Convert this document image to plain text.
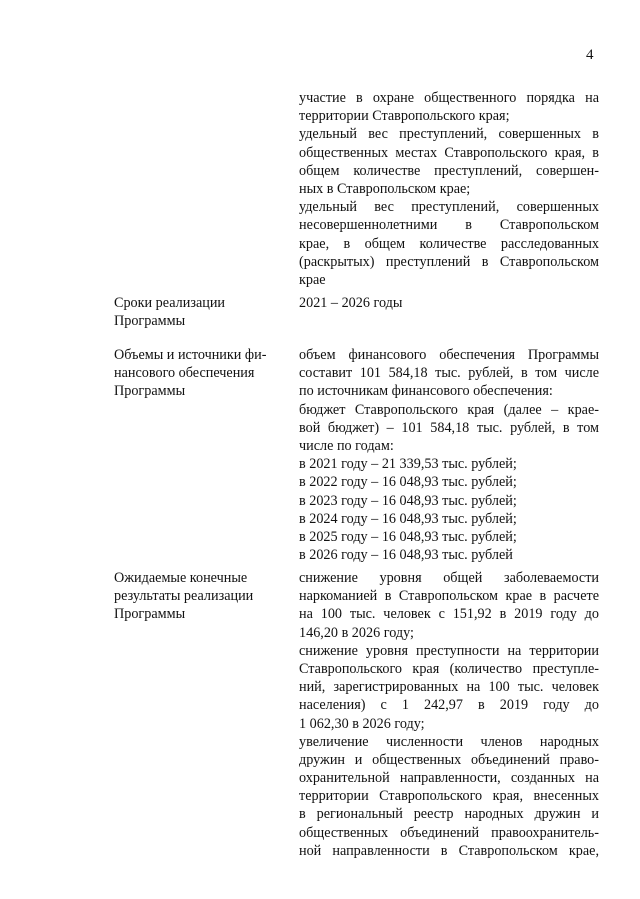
4
участие в охране общественного порядка на
территории Ставропольского края;
удельный вес преступлений, совершенных в
общественных местах Ставропольского края, в
общем количестве преступлений, совершен-
ных в Ставропольском крае;
удельный вес преступлений, совершенных
несовершеннолетними в Ставропольском
крае, в общем количестве расследованных
(раскрытых) преступлений в Ставропольском
крае
Сроки реализации
Программы
2021 – 2026 годы
Объемы и источники фи-
нансового обеспечения
Программы
объем финансового обеспечения Программы
составит 101 584,18 тыс. рублей, в том числе
по источникам финансового обеспечения:
бюджет Ставропольского края (далее – крае-
вой бюджет) – 101 584,18 тыс. рублей, в том
числе по годам:
в 2021 году – 21 339,53 тыс. рублей;
в 2022 году – 16 048,93 тыс. рублей;
в 2023 году – 16 048,93 тыс. рублей;
в 2024 году – 16 048,93 тыс. рублей;
в 2025 году – 16 048,93 тыс. рублей;
в 2026 году – 16 048,93 тыс. рублей
Ожидаемые конечные
результаты реализации
Программы
снижение уровня общей заболеваемости
наркоманией в Ставропольском крае в расчете
на 100 тыс. человек с 151,92 в 2019 году до
146,20 в 2026 году;
снижение уровня преступности на территории
Ставропольского края (количество преступле-
ний, зарегистрированных на 100 тыс. человек
населения) с 1 242,97 в 2019 году до
1 062,30 в 2026 году;
увеличение численности членов народных
дружин и общественных объединений право-
охранительной направленности, созданных на
территории Ставропольского края, внесенных
в региональный реестр народных дружин и
общественных объединений правоохранитель-
ной направленности в Ставропольском крае,
